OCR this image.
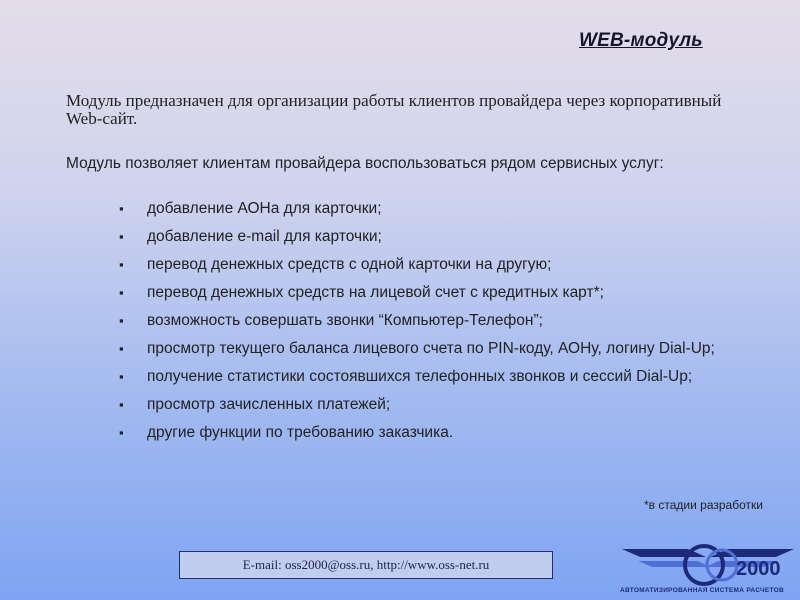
WEB-модуль
Модуль предназначен для организации работы клиентов провайдера через корпоративный Web-сайт.
Модуль позволяет клиентам провайдера воспользоваться рядом сервисных услуг:
▪ добавление АОНа для карточки;
▪ добавление e-mail для карточки;
▪ перевод денежных средств с одной карточки на другую;
▪ перевод денежных средств на лицевой счет с кредитных карт*;
▪ возможность совершать звонки “Компьютер-Телефон”;
▪ просмотр текущего баланса лицевого счета по PIN-коду, АОНу, логину Dial-Up;
▪ получение статистики состоявшихся телефонных звонков и сессий Dial-Up;
▪ просмотр зачисленных платежей;
▪ другие функции по требованию заказчика.
*в стадии разработки
E-mail: oss2000@oss.ru, http://www.oss-net.ru	2000
АВТОМАТИЗИРОВАННАЯ СИСТЕМА РАСЧЕТОВ
